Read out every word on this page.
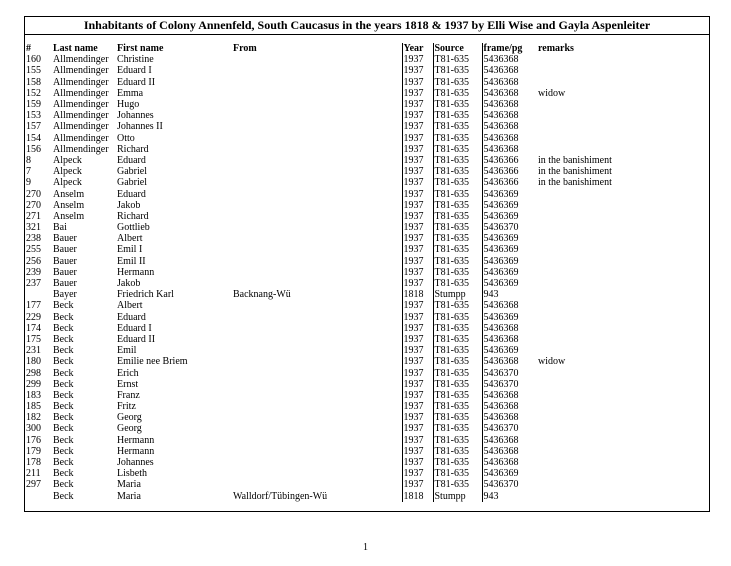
Inhabitants of Colony Annenfeld, South Caucasus in the years 1818 & 1937 by Elli Wise and Gayla Aspenleiter
#	Last name	First name	From	Year	Source	frame/pg	remarks
160	Allmendinger	Christine		1937	T81-635	5436368	
155	Allmendinger	Eduard I		1937	T81-635	5436368	
158	Allmendinger	Eduard II		1937	T81-635	5436368	
152	Allmendinger	Emma		1937	T81-635	5436368	widow
159	Allmendinger	Hugo		1937	T81-635	5436368	
153	Allmendinger	Johannes		1937	T81-635	5436368	
157	Allmendinger	Johannes II		1937	T81-635	5436368	
154	Allmendinger	Otto		1937	T81-635	5436368	
156	Allmendinger	Richard		1937	T81-635	5436368	
8	Alpeck	Eduard		1937	T81-635	5436366	in the banishiment
7	Alpeck	Gabriel		1937	T81-635	5436366	in the banishiment
9	Alpeck	Gabriel		1937	T81-635	5436366	in the banishiment
270	Anselm	Eduard		1937	T81-635	5436369	
270	Anselm	Jakob		1937	T81-635	5436369	
271	Anselm	Richard		1937	T81-635	5436369	
321	Bai	Gottlieb		1937	T81-635	5436370	
238	Bauer	Albert		1937	T81-635	5436369	
255	Bauer	Emil I		1937	T81-635	5436369	
256	Bauer	Emil II		1937	T81-635	5436369	
239	Bauer	Hermann		1937	T81-635	5436369	
237	Bauer	Jakob		1937	T81-635	5436369	
	Bayer	Friedrich Karl	Backnang-Wü	1818	Stumpp	943	
177	Beck	Albert		1937	T81-635	5436368	
229	Beck	Eduard		1937	T81-635	5436369	
174	Beck	Eduard I		1937	T81-635	5436368	
175	Beck	Eduard II		1937	T81-635	5436368	
231	Beck	Emil		1937	T81-635	5436369	
180	Beck	Emilie nee Briem		1937	T81-635	5436368	widow
298	Beck	Erich		1937	T81-635	5436370	
299	Beck	Ernst		1937	T81-635	5436370	
183	Beck	Franz		1937	T81-635	5436368	
185	Beck	Fritz		1937	T81-635	5436368	
182	Beck	Georg		1937	T81-635	5436368	
300	Beck	Georg		1937	T81-635	5436370	
176	Beck	Hermann		1937	T81-635	5436368	
179	Beck	Hermann		1937	T81-635	5436368	
178	Beck	Johannes		1937	T81-635	5436368	
211	Beck	Lisbeth		1937	T81-635	5436369	
297	Beck	Maria		1937	T81-635	5436370	
	Beck	Maria	Walldorf/Tübingen-Wü	1818	Stumpp	943	
1
